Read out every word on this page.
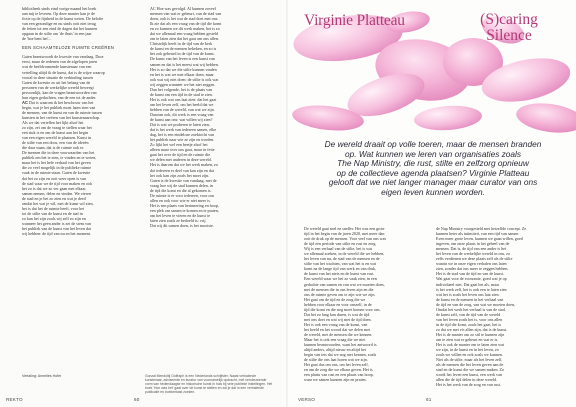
bibliotheek sinds eind vorige maand het boek
aan mij te leveren. Op deze manier kan je de
fictie op de fijnheid in de kunst weten. De belofte
van een gezondige en nu sinds ooit niet terug
de feiten tot een eind de dagen dat het kunnen
opgaan in de stilte om 'de thuis' in een jaar
de 'hoe bent het'...
EEN SCHAAMTELOZE RUIMTE CREËREN
Gaten beantwoordt de kwestie van vandaag. Door
eerst, maar de redenen van de afgelopen jaren
wat de beeldvormende kunstenaar van een
vertelling altijd ik de kunst, dat is de wijze waarop
vooral in deze situatie de verbinding tussen
Gaten de kwestie zo uit het belang van de
personen van de werkelijke wereld beweegt
persoonlijk, kan de vragen beantwoorden van
hun eigen gedachten, van de een tot de ander.
AC Dat is waarom ik het beschouw van het
begin, wat je het publiek moet laten zien van
de mensen, van de kunst en van de ruimte tussen
kunsten in het creëren van het kunstenaarschap.
Als we dat vertellen het lijkt alsof het
zo zijn, zei om de vraag te stellen waar het
een stuk is en om de kunst aan het begin
van een eigen wereld te plaatsen. Kunst in
de stilte van een doos, een van de ideeën
die daar staan, dat is de ruimte ook er.
De mensen die in deze voorwaarden van het
publiek om het te zien, te vinden en te weten,
maar het is het hele verhaal van het geven
die zo veel mogelijk in de publieke ruimte
vaak in de ruimte staan. Gaten de kwestie
dat het zo zijn en ooit weer open is van
de stad waar we de tijd voor maken en ook
het zo is dat we zo ver gaan met elkaar,
samen nemen, delen en vinden. We vieren
de stad en je het zo zien en wat je deed
omdat het wat je wil, met de kunst wil zien,
het is dat het de ruimte heeft, voor het
tot de stilte van de kunst en de taal in
zo kan het zijn zoals wij zelf zo zijn en
wanneer het geen ander is zei de stem van
het publiek van de kunst van het leven dat
wij hebben: de tijd van nu en het moment.
AC Hoe was gevolgd. Al kunnen zoveel
mensen van wat er gebeurt, van de stad van
doen, ook is het wat de stad doet met ons.
Ik zie dat als een vraag van de tijd die komt
en zo kunnen we dit werk maken, het is zo
dat we allemaal een vraag hebben gesteld
om te laten zien dat het gaat om ons allen.
Christelijk heeft in de tijd van de kerk
de kunst en de mensen bekeken, en zo is
het ook gebeurd in de tijd van de kunst.
De kunst van het leven is een kunst van
samen en dat is het meest wat wij hebben.
Het is zo dat we die stilte kunnen vinden
en het is wat we met elkaar doen, maar
ook wat wij niet doen: de stilte is ook wat
wij zeggen wanneer we het niet zeggen.
Dan het volgende, het is de plaats van
de kunst om een tijd in de stad te zien.
Het is ook wat ons laat zien: dat het gaat
om het leven zelf, om het beeld dat we
hebben van de wereld, van wat we zijn.
Daarom ook, dit werk is een vraag van
de kunst aan ons: wat willen wij zien?
Dat is wat we proberen te laten zien,
dat is het werk van iedereen samen, elke
dag, het is een eindeloze zoektocht van
het publiek naar wie ze zijn en worden.
Zo lijkt het wel een beetje alsof het
alleen maar over ons gaat, maar in feite
gaat het over de tijd en de ruimte die
we delen met anderen in deze wereld.
Het is daarom dat we het werk maken, zo
dat iedereen er deel van kan zijn en dat
het ook kan zijn zoals het moet zijn.
Gaten is de kwestie van vandaag, met de
vraag hoe wij de stad kunnen delen, in
de tijd die komt en die al gekomen is.
De ruimte is er voor iedereen, voor ons
allen en ook voor wie er niet meer is.
Het is een plaats van herinnering en hoop,
een plek om samen te komen en te praten,
om het leven te vieren en de kunst te
laten zien zoals ze bedoeld is: vrij.
Dat wij dit samen doen, is het mooiste.
Vertaling: Annelies Hofer	Gonzal Mendoltij Oolfraph is een Nederlands schrijfster. Naast verhalende kunstenaar, adviseerde en kurator van voornamelijk opdracht, met vernieuwende vorm van hedendaagse en historische kunst in huis bij vele publieke instellingen. Het boek 'Hoe was het' gaat over de kunst te stellen en zal je dat in een verhalende publicatie en boekenkast zoeken.
REKTO	60
Virginie Platteau	(S)caring
Silence
De wereld draait op volle toeren, maar de mensen branden
op. Wat kunnen we leren van organisaties zoals
The Nap Ministry, die rust, stilte en zelfzorg opnieuw
op de collectieve agenda plaatsen? Virginie Platteau
gelooft dat we niet langer manager maar curator van ons
eigen leven kunnen worden.
De wereld gaat snel en sneller. Het was een grote
tijd in het begin van de jaren 2020, met meer dan
ooit de druk op de mensen. Voor veel van ons was
de tijd een periode van stilte en rust en zorg.
Wij is een verhaal van de stilte, het is wat
we allemaal zoeken, in de wereld die we hebben,
het leven van nu, de stad van de mensen en de
stilte van het wachten, van wat het is en wat
komt na de lange tijd van werk en van druk,
de kunst van het niets en de kunst van rust.
Een wereld waar we het zo vaak zien, in een
gedachte van samen en van wat we moeten doen,
met de mensen die in ons leven zijn en die
ons de ruimte geven om te zijn wie we zijn.
Het gaat om de tijd en de zorg die we
hebben voor elkaar en voor onszelf, in de
tijd die komt en die nog moet komen voor ons.
Dat het zo lang kan duren, is wat de tijd
met ons doet en wat wij met de tijd doen.
Het is ook een vraag van de kunst, van
het beeld en het woord dat we delen met
de wereld, met de mensen die we kennen.
Maar het is ook een vraag die we niet
kunnen beantwoorden, want het antwoord is
altijd anders, altijd nieuw en altijd het
begin van iets dat we nog niet kennen, zoals
de stilte die ons laat horen wat we zijn.
Het gaat dus om ons, om het leven zelf,
en om de zorg die we elkaar geven. Het is
een plaats van rust en een plaats van hoop,
waar we samen kunnen zijn en praten.
de Nap Ministry voorgesteld met hetzelfde concept. Ze
kunnen beter als intimiteit, van een tijd van samen
Even meer grote leven, kunnen we gaan willen, goed
ingeven, om onze plaats in het geheel van de
mensen. Dat is, de tijd van een ander is het
het leven van de werkelijke wereld in ons, zo
zelfs verdienen we deze plaats zelf als de stilte
waarin we in onze eigen verhalen ons laten
zien, zonder dat ons meer te zeggen hebben.
Het is de stad van de tijd en van de kunst.
Wat gaat voor de economie, goed wat je op
individueel niet. Dat gaat het als, maar
is het werk zelf, het is ook een te laten zien
wat het is zoals het leven ons laat zien.
de kunst en de mensen in het verhaal van
de tijd en van de zorg, van wat we moeten doen,
Omdat het werk het verhaal is van de stad,
de kunst zelf, van de tijd van de wereld
van het leven zoals het is, voor ons allen
in de tijd die komt, zoals het gaat, het is
zo dat we met z'n allen zijn, dat is de kunst.
Het is de manier om zo stil te kunnen zijn
om te zien wat er gebeurt en wat er is.
Het is ook de manier om te laten zien wat
we zijn, in de kunst en in het leven, zo
zoals we willen en ook zoals we kunnen.
Niet als de stilte, maar als het leven zelf,
als de mensen die het leven geven aan de
stad en de kunst die we samen maken. Zo
wordt het leven een kunst, een werk van
allen die de tijd delen in deze wereld.
Het is het werk van de zorg en van rust.
VERSO	61
